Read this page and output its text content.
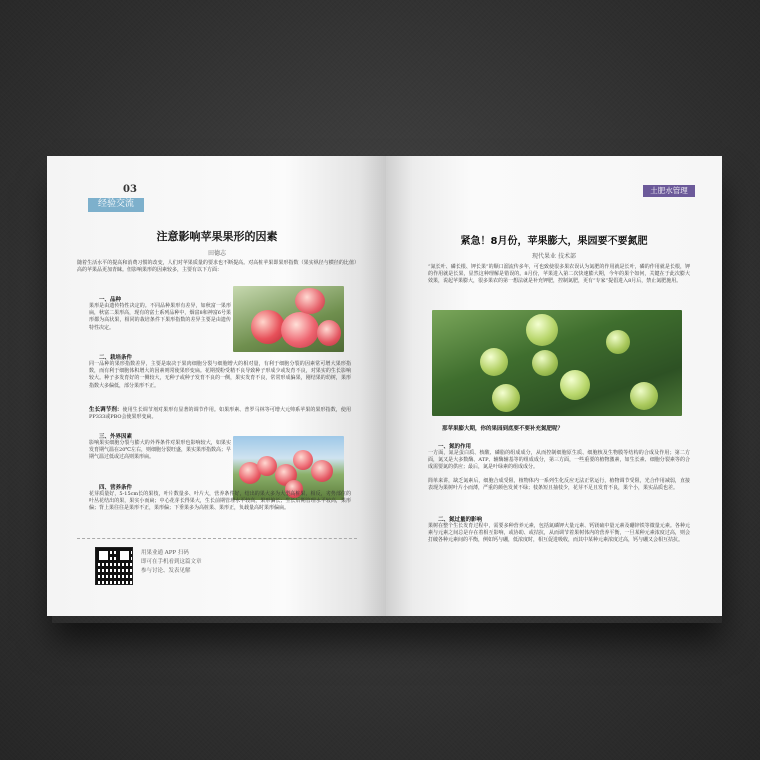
03
经验交流
注意影响苹果果形的因素
田德志
随着生活水平的提高和消费习惯的改变，人们对苹果质量的要求也不断提高。对高桩苹果即果形指数（果实纵径与横径的比值）高的苹果品更加青睐。但影响果形的因素较多，主要有以下方面：
一、品种
果形是由遗传特性决定的。不同品种果形有差异，如秋富一果形扁，秋富二果形高，现有的富士系列品种中，烟富8和神富6号果形都为高状果，相同的栽培条件下果形指数的差异主要是由遗传特性决定。
二、栽培条件
同一品种的果形指数差异，主要是取决于果肉细胞分裂与细胞增大的相对量，有利于细胞分裂的因素常可增大果形指数，而有利于细胞体积增大的因素则常使果形变扁。花期授粉受精不良导致种子形成少或发育不良，对果实的生长影响较大。种子多发育好的一侧较大，无种子或种子发育不良的一侧，果实发育不良，常常形成偏果，刚结果的幼树，果形指数大多偏低，部分果形不正。
生长调节剂：使用生长调节剂对果形有显著的调节作用。如果形素、普罗马林等可增大元帅系苹果的果形指数，使用PP333或PBO会使果形变扁。
三、外界因素
影响果实细胞分裂与膨大的外界条件对果形也影响较大，如果实发育期气温在20℃左右，则细胞分裂旺盛，果实果形指数高；早期气温过低或过高则果形扁。
四、营养条件
花芽质量好，5-15cm长的果枝，叶片数量多、叶片大，营养条件好，结出的果大多为大型高桩果，相反，劣势部位的叶丛花结出的果，果实小而扁；中心花芽长得果大，生长前期管理水平较高，果形偏长；生长后期管理水平较高，果形偏；背上果往往是果形不正，果形偏；下垂果多为高桩果、果形正，负载量高时果形偏扁。
用果业通 APP 扫码
即可在手机看到这篇文章
参与讨论、发表见解
土肥水管理
紧急！8月份，苹果膨大，果园要不要氮肥
现代果业 技术部
“氮长叶、磷长根、钾长果”的顺口溜流传多年，可也致使很多果农误认为氮肥的作用就是长叶，磷的作用就是长根，钾的作用就是长果，显然这种理解是错误的。8月份，苹果进入第二次快速膨大期，今年的果个如何，关键在于此次膨大效果，说起苹果膨大，很多果农的第一想法就是补充钾肥，控制氮肥，更有“专家”提倡进入8月后，禁止氮肥施用。
那苹果膨大期，你的果园到底要不要补充氮肥呢？
一、氮的作用
一方面，氮是蛋白质、核酸、磷脂的组成成分，从而控制细胞原生质、细胞核及生物膜等结构的合成及作用；第二方面，氮又是大多数酶、ATP、辅酶辅基等的组成成分，第三方面，一些重要的植物激素，如生长素、细胞分裂素等的合成需要氮的供应；最后，氮是叶绿素的组成成分。
简单来讲，缺乏氮素后，细胞合成受阻，植物体内一系列生化反应无法正常运行，植物调节受阻，光合作用减弱，直接表现为果树叶片小而薄，严重的颜色发黄不绿；枝条短且抽枝少，花芽不足且发育不良，果个小，果实品质也差。
二、氮过量的影响
果树在整个生长发育过程中，需要多种营养元素，包括氮磷钾大量元素、钙镁硫中量元素及硼锌铁等微量元素。各种元素与元素之间总是存在着相互影响，或协助、或拮抗，从而调节着果树体内的营养平衡，一旦某种元素浓度过高，则会打破各种元素间的平衡，例如钙与硼，低浓度时，相互促进吸收，而其中某种元素浓度过高，钙与硼又会相互拮抗。
